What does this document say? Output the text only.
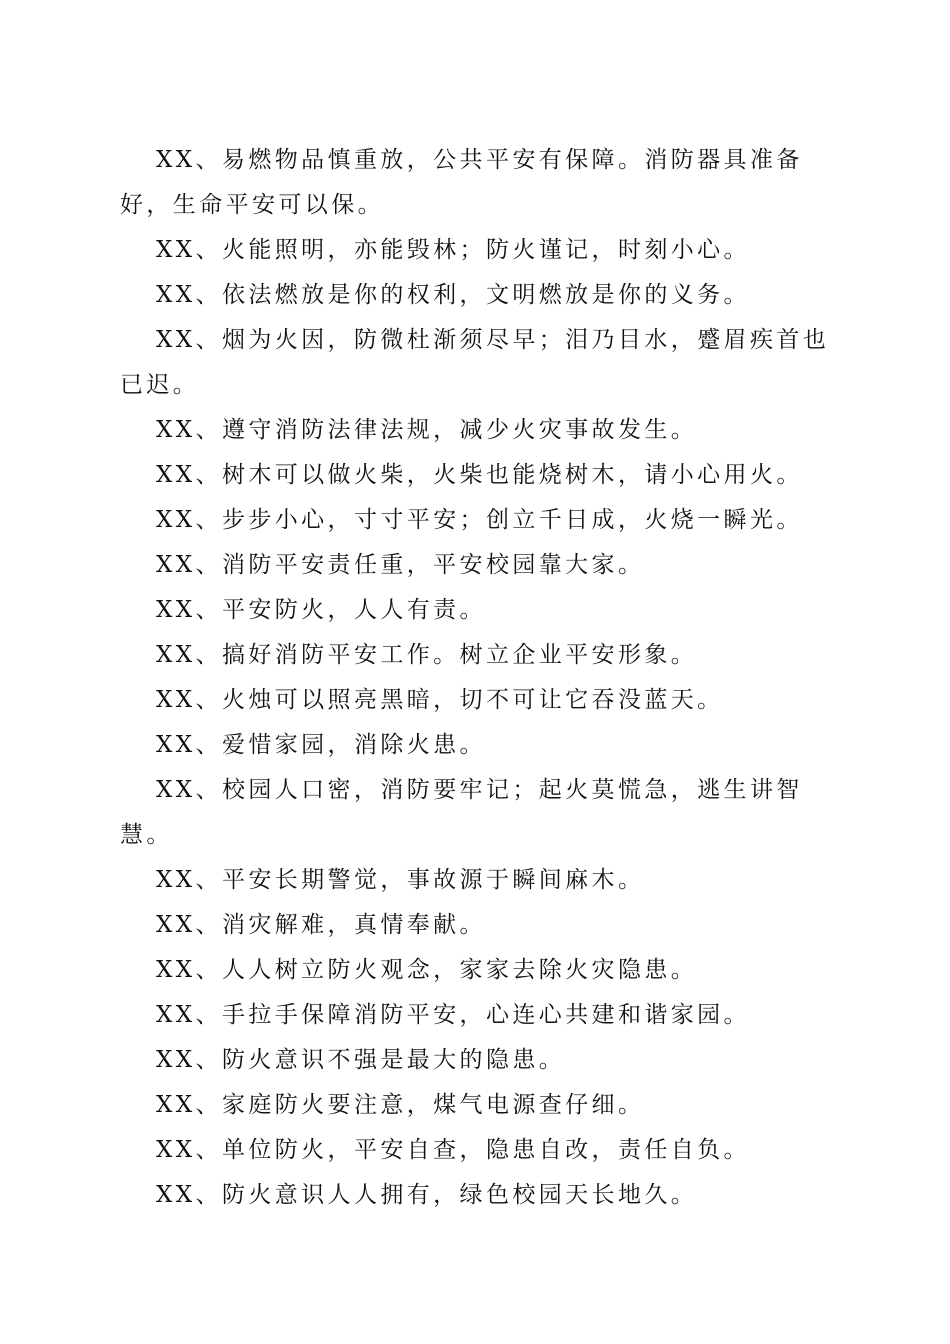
XX、易燃物品慎重放，公共平安有保障。消防器具准备好，生命平安可以保。

XX、火能照明，亦能毁林；防火谨记，时刻小心。

XX、依法燃放是你的权利，文明燃放是你的义务。

XX、烟为火因，防微杜渐须尽早；泪乃目水，蹙眉疾首也已迟。

XX、遵守消防法律法规，减少火灾事故发生。

XX、树木可以做火柴，火柴也能烧树木，请小心用火。

XX、步步小心，寸寸平安；创立千日成，火烧一瞬光。

XX、消防平安责任重，平安校园靠大家。

XX、平安防火，人人有责。

XX、搞好消防平安工作。树立企业平安形象。

XX、火烛可以照亮黑暗，切不可让它吞没蓝天。

XX、爱惜家园，消除火患。

XX、校园人口密，消防要牢记；起火莫慌急，逃生讲智慧。

XX、平安长期警觉，事故源于瞬间麻木。

XX、消灾解难，真情奉献。

XX、人人树立防火观念，家家去除火灾隐患。

XX、手拉手保障消防平安，心连心共建和谐家园。

XX、防火意识不强是最大的隐患。

XX、家庭防火要注意，煤气电源查仔细。

XX、单位防火，平安自查，隐患自改，责任自负。

XX、防火意识人人拥有，绿色校园天长地久。
